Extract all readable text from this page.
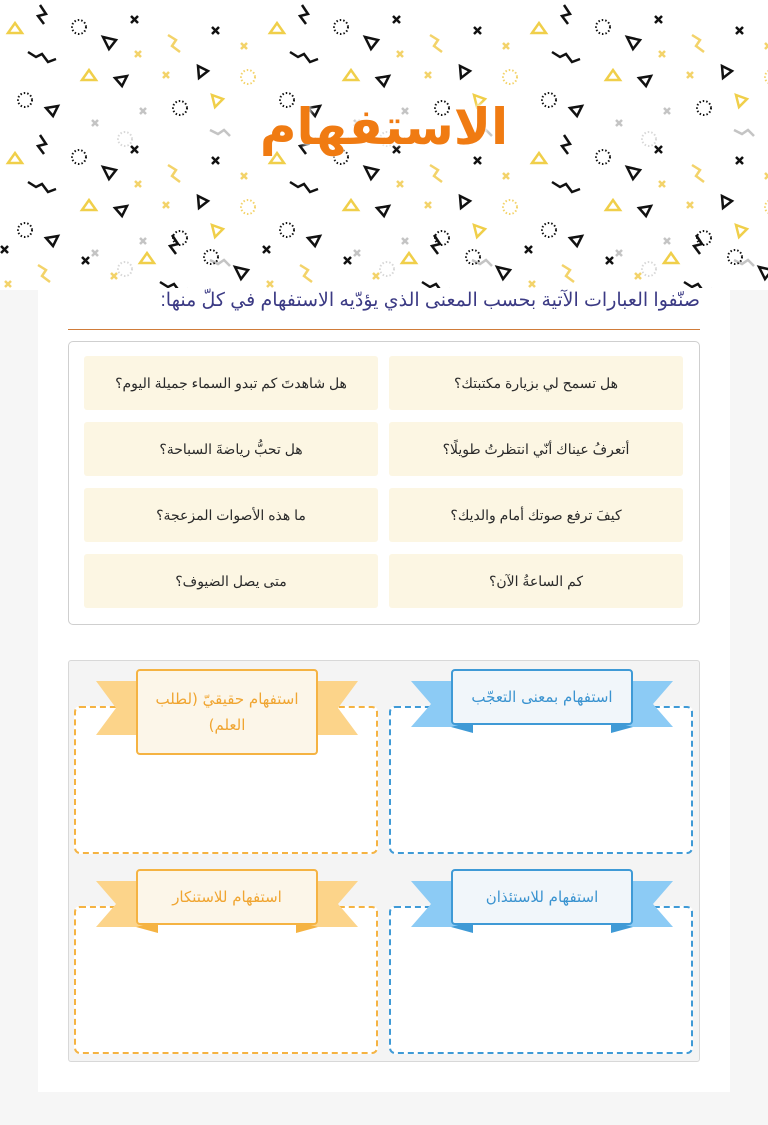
الاستفهام
صنّفوا العبارات الآتية بحسب المعنى الذي يؤدّيه الاستفهام في كلّ منها:
هل تسمح لي بزيارة مكتبتك؟
هل شاهدتَ كم تبدو السماء جميلة اليوم؟
أتعرفُ عيناك أنّي انتظرتُ طويلًا؟
هل تحبُّ رياضةَ السباحة؟
كيفَ ترفع صوتك أمام والديك؟
ما هذه الأصوات المزعجة؟
كم الساعةُ الآن؟
متى يصل الضيوف؟
استفهام بمعنى التعجّب
استفهام حقيقيّ (لطلب العلم)
استفهام للاستئذان
استفهام للاستنكار
